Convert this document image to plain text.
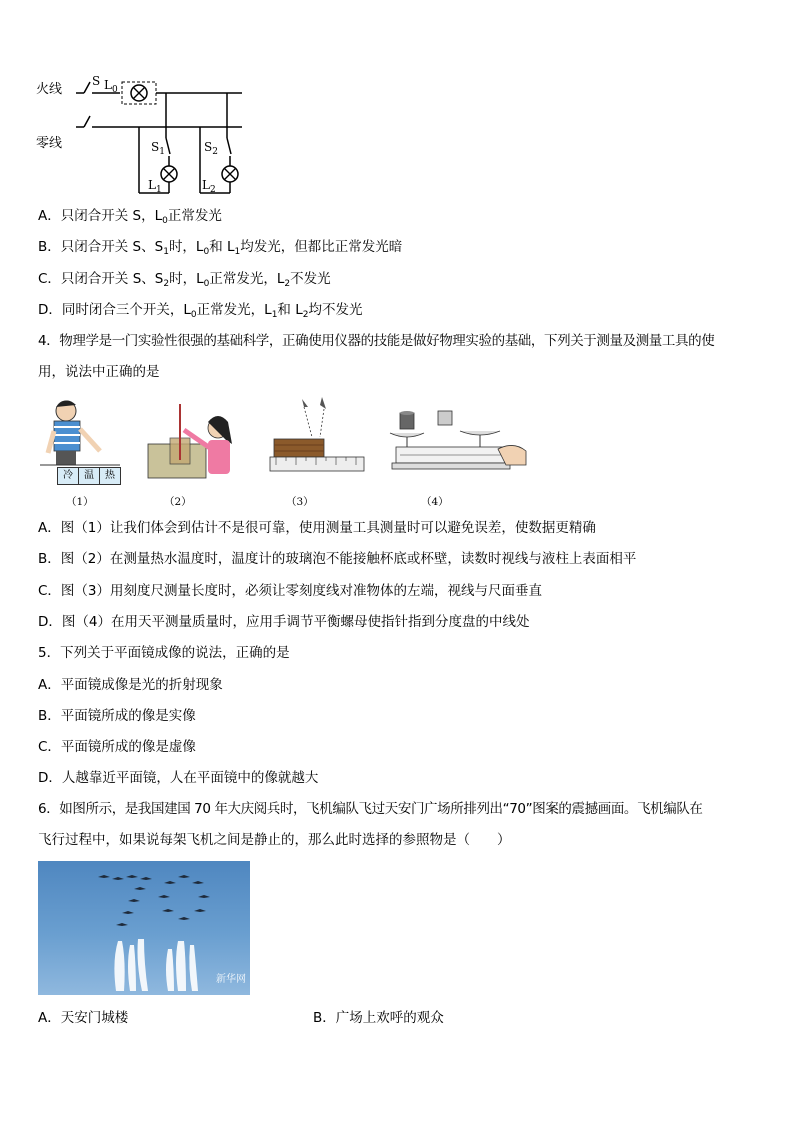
火线
零线
S $L_0$
$S_1$	$S_2$
$L_1$	$L_2$
A．只闭合开关 S，$L_0$正常发光
B．只闭合开关 S、$S_1$时，$L_0$和 $L_1$均发光，但都比正常发光暗
C．只闭合开关 S、$S_2$时，$L_0$正常发光，$L_2$不发光
D．同时闭合三个开关，$L_0$正常发光，$L_1$和 $L_2$均不发光
4．物理学是一门实验性很强的基础科学，正确使用仪器的技能是做好物理实验的基础，下列关于测量及测量工具的使
用，说法中正确的是
冷	温	热
（1）	（2）	（3）	（4）
A．图（1）让我们体会到估计不是很可靠，使用测量工具测量时可以避免误差，使数据更精确
B．图（2）在测量热水温度时，温度计的玻璃泡不能接触杯底或杯壁，读数时视线与液柱上表面相平
C．图（3）用刻度尺测量长度时，必须让零刻度线对准物体的左端，视线与尺面垂直
D．图（4）在用天平测量质量时，应用手调节平衡螺母使指针指到分度盘的中线处
5．下列关于平面镜成像的说法，正确的是
A．平面镜成像是光的折射现象
B．平面镜所成的像是实像
C．平面镜所成的像是虚像
D．人越靠近平面镜，人在平面镜中的像就越大
6．如图所示，是我国建国 70 年大庆阅兵时，飞机编队飞过天安门广场所排列出“70”图案的震撼画面。飞机编队在
飞行过程中，如果说每架飞机之间是静止的，那么此时选择的参照物是（　　）
新华网
A．天安门城楼	B．广场上欢呼的观众
